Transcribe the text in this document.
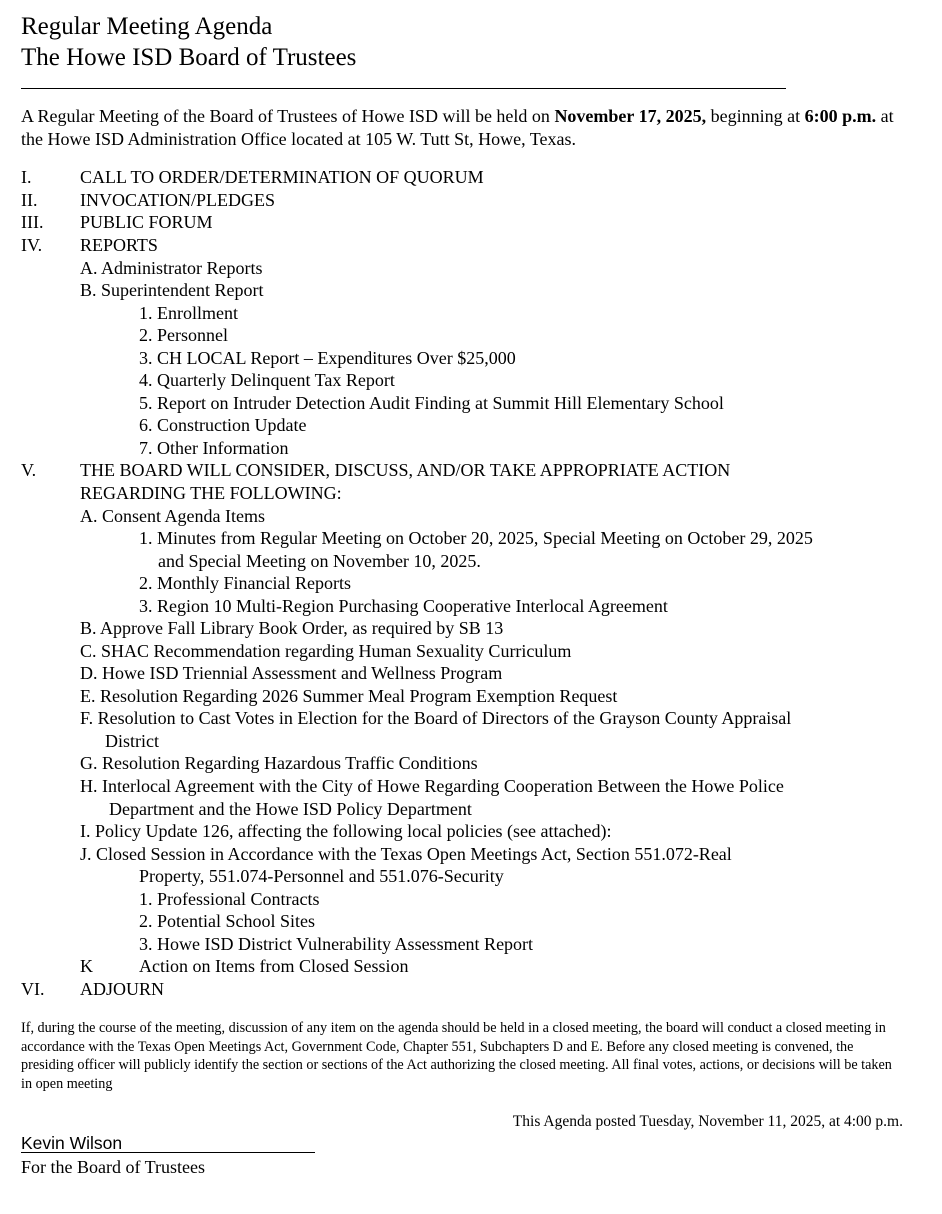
Regular Meeting Agenda
The Howe ISD Board of Trustees
A Regular Meeting of the Board of Trustees of Howe ISD will be held on November 17, 2025, beginning at 6:00 p.m. at the Howe ISD Administration Office located at 105 W. Tutt St, Howe, Texas.
I.	CALL TO ORDER/DETERMINATION OF QUORUM
II. INVOCATION/PLEDGES
III. PUBLIC FORUM
IV. REPORTS
A. Administrator Reports
B. Superintendent Report
1. Enrollment
2. Personnel
3. CH LOCAL Report – Expenditures Over $25,000
4. Quarterly Delinquent Tax Report
5. Report on Intruder Detection Audit Finding at Summit Hill Elementary School
6. Construction Update
7. Other Information
V. THE BOARD WILL CONSIDER, DISCUSS, AND/OR TAKE APPROPRIATE ACTION
REGARDING THE FOLLOWING:
A. Consent Agenda Items
1. Minutes from Regular Meeting on October 20, 2025, Special Meeting on October 29, 2025
and Special Meeting on November 10, 2025.
2. Monthly Financial Reports
3. Region 10 Multi-Region Purchasing Cooperative Interlocal Agreement
B. Approve Fall Library Book Order, as required by SB 13
C. SHAC Recommendation regarding Human Sexuality Curriculum
D. Howe ISD Triennial Assessment and Wellness Program
E. Resolution Regarding 2026 Summer Meal Program Exemption Request
F. Resolution to Cast Votes in Election for the Board of Directors of the Grayson County Appraisal
District
G. Resolution Regarding Hazardous Traffic Conditions
H. Interlocal Agreement with the City of Howe Regarding Cooperation Between the Howe Police
Department and the Howe ISD Policy Department
I. Policy Update 126, affecting the following local policies (see attached):
J. Closed Session in Accordance with the Texas Open Meetings Act, Section 551.072-Real
Property, 551.074-Personnel and 551.076-Security
1. Professional Contracts
2. Potential School Sites
3. Howe ISD District Vulnerability Assessment Report
K	Action on Items from Closed Session
VI. ADJOURN
If, during the course of the meeting, discussion of any item on the agenda should be held in a closed meeting, the board will conduct a closed meeting in accordance with the Texas Open Meetings Act, Government Code, Chapter 551, Subchapters D and E. Before any closed meeting is convened, the presiding officer will publicly identify the section or sections of the Act authorizing the closed meeting. All final votes, actions, or decisions will be taken in open meeting
This Agenda posted Tuesday, November 11, 2025, at 4:00 p.m.
Kevin Wilson
For the Board of Trustees
